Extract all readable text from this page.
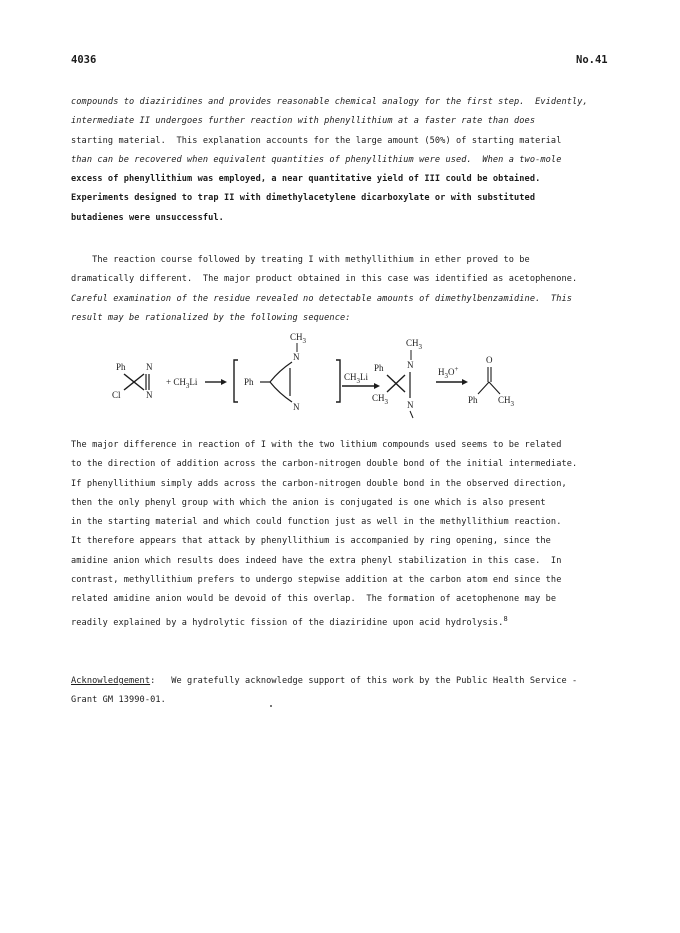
4036	No.41
compounds to diaziridines and provides reasonable chemical analogy for the first step.  Evidently,
intermediate II undergoes further reaction with phenyllithium at a faster rate than does
starting material.  This explanation accounts for the large amount (50%) of starting material
than can be recovered when equivalent quantities of phenyllithium were used.  When a two-mole
excess of phenyllithium was employed, a near quantitative yield of III could be obtained.
Experiments designed to trap II with dimethylacetylene dicarboxylate or with substituted
butadienes were unsuccessful.
The reaction course followed by treating I with methyllithium in ether proved to be
dramatically different.  The major product obtained in this case was identified as acetophenone.
Careful examination of the residue revealed no detectable amounts of dimethylbenzamidine.  This
result may be rationalized by the following sequence:
Ph N
Cl	N
+ $CH_3Li$	Ph
N
N
$CH_3$
$CH_3Li$
Ph	N
$CH_3$ N
$CH_3$
$H_3O^+$
O
Ph $CH_3$
The major difference in reaction of I with the two lithium compounds used seems to be related
to the direction of addition across the carbon-nitrogen double bond of the initial intermediate.
If phenyllithium simply adds across the carbon-nitrogen double bond in the observed direction,
then the only phenyl group with which the anion is conjugated is one which is also present
in the starting material and which could function just as well in the methyllithium reaction.
It therefore appears that attack by phenyllithium is accompanied by ring opening, since the
amidine anion which results does indeed have the extra phenyl stabilization in this case.  In
contrast, methyllithium prefers to undergo stepwise addition at the carbon atom end since the
related amidine anion would be devoid of this overlap.  The formation of acetophenone may be
readily explained by a hydrolytic fission of the diaziridine upon acid hydrolysis.$^8$
Acknowledgement:   We gratefully acknowledge support of this work by the Public Health Service -
Grant GM 13990-01.
